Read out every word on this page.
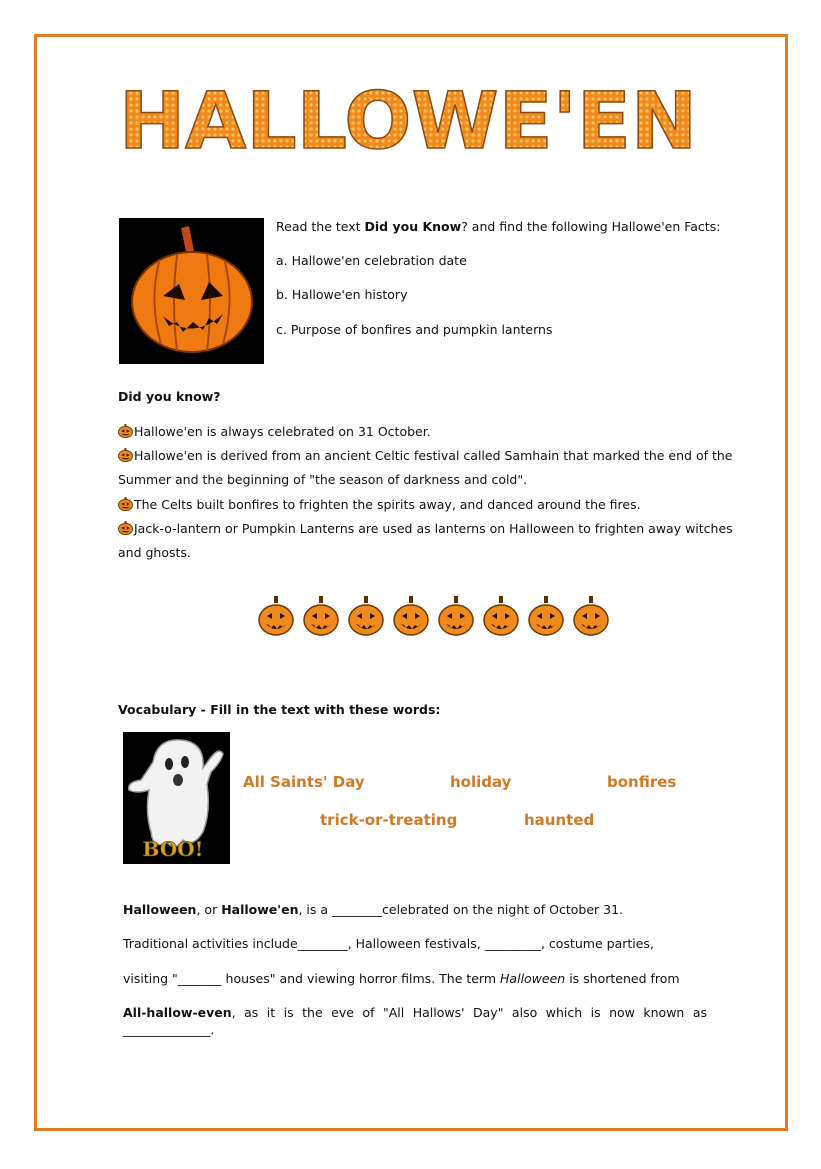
HALLOWE'EN
Read the text Did you Know? and find the following Hallowe'en Facts:
a. Hallowe'en celebration date
b. Hallowe'en history
c. Purpose of bonfires and pumpkin lanterns
Did you know?
Hallowe'en is always celebrated on 31 October.
Hallowe'en is derived from an ancient Celtic festival called Samhain that marked the end of the Summer and the beginning of "the season of darkness and cold".
The Celts built bonfires to frighten the spirits away, and danced around the fires.
Jack-o-lantern or Pumpkin Lanterns are used as lanterns on Halloween to frighten away witches and ghosts.
Vocabulary - Fill in the text with these words:
BOO!
All Saints' Day	holiday	bonfires
trick-or-treating	haunted
Halloween, or Hallowe'en, is a ________celebrated on the night of October 31.
Traditional activities include________, Halloween festivals, _________, costume parties,
visiting "_______ houses" and viewing horror films. The term Halloween is shortened from
All-hallow-even, as it is the eve of "All Hallows' Day" also which is now known as
______________.
